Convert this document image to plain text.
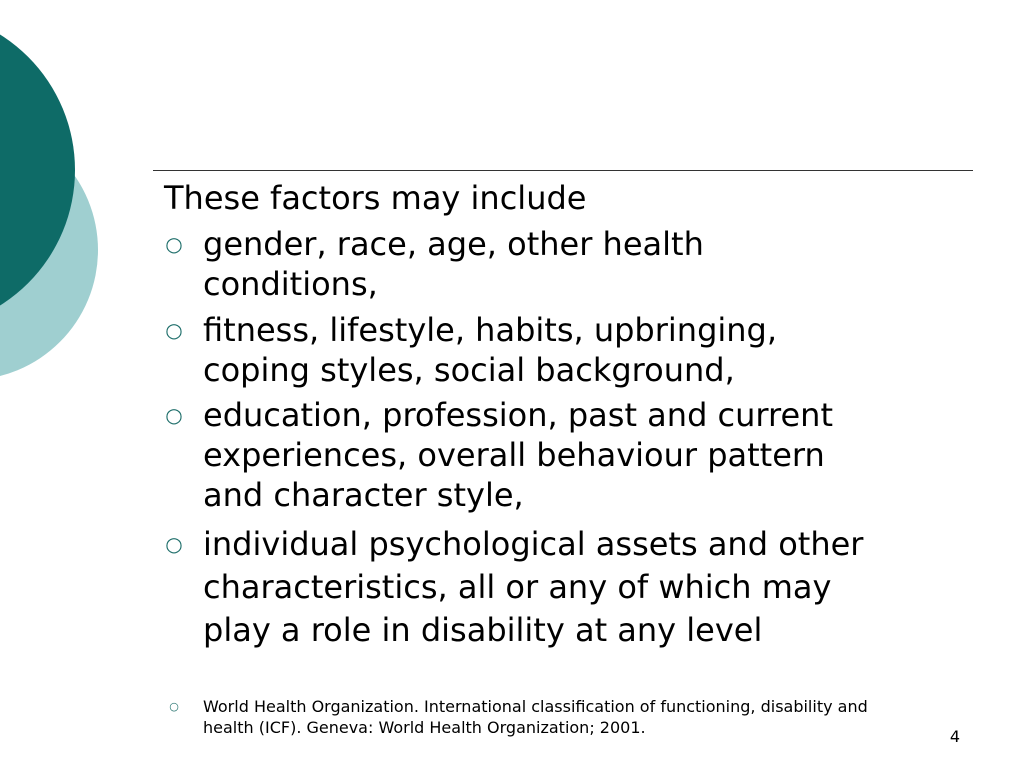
These factors may include
○ gender, race, age, other health
conditions,
○ fitness, lifestyle, habits, upbringing,
coping styles, social background,
○ education, profession, past and current
experiences, overall behaviour pattern
and character style,
○ individual psychological assets and other
characteristics, all or any of which may
play a role in disability at any level
○	World Health Organization. International classification of functioning, disability and
health (ICF). Geneva: World Health Organization; 2001.	4
